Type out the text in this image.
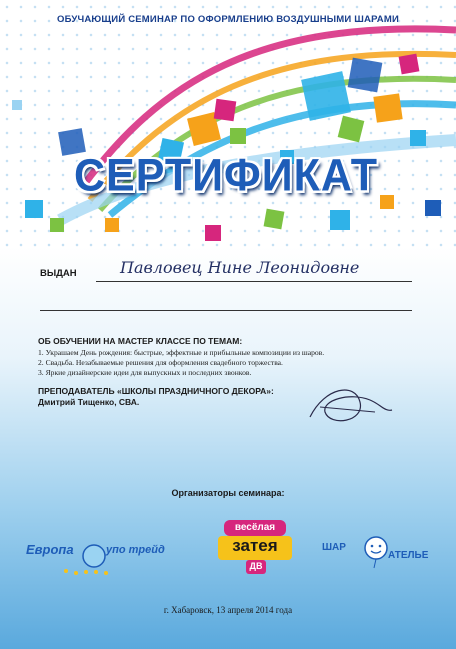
ОБУЧАЮЩИЙ СЕМИНАР ПО ОФОРМЛЕНИЮ ВОЗДУШНЫМИ ШАРАМИ
СЕРТИФИКАТ
ВЫДАН	Павловец Нине Леонидовне
ОБ ОБУЧЕНИИ НА МАСТЕР КЛАССЕ ПО ТЕМАМ:
1. Украшаем День рождения: быстрые, эффектные и прибыльные композиции из шаров.
2. Свадьба. Незабываемые решения для оформления свадебного торжества.
3. Яркие дизайнерские идеи для выпускных и последних звонков.
ПРЕПОДАВАТЕЛЬ «ШКОЛЫ ПРАЗДНИЧНОГО ДЕКОРА»:
Дмитрий Тищенко, СВА.
Организаторы семинара:
Европа	упо трейд
весёлая
затея
ДВ
ШАР
АТЕЛЬЕ
г. Хабаровск, 13 апреля 2014 года
